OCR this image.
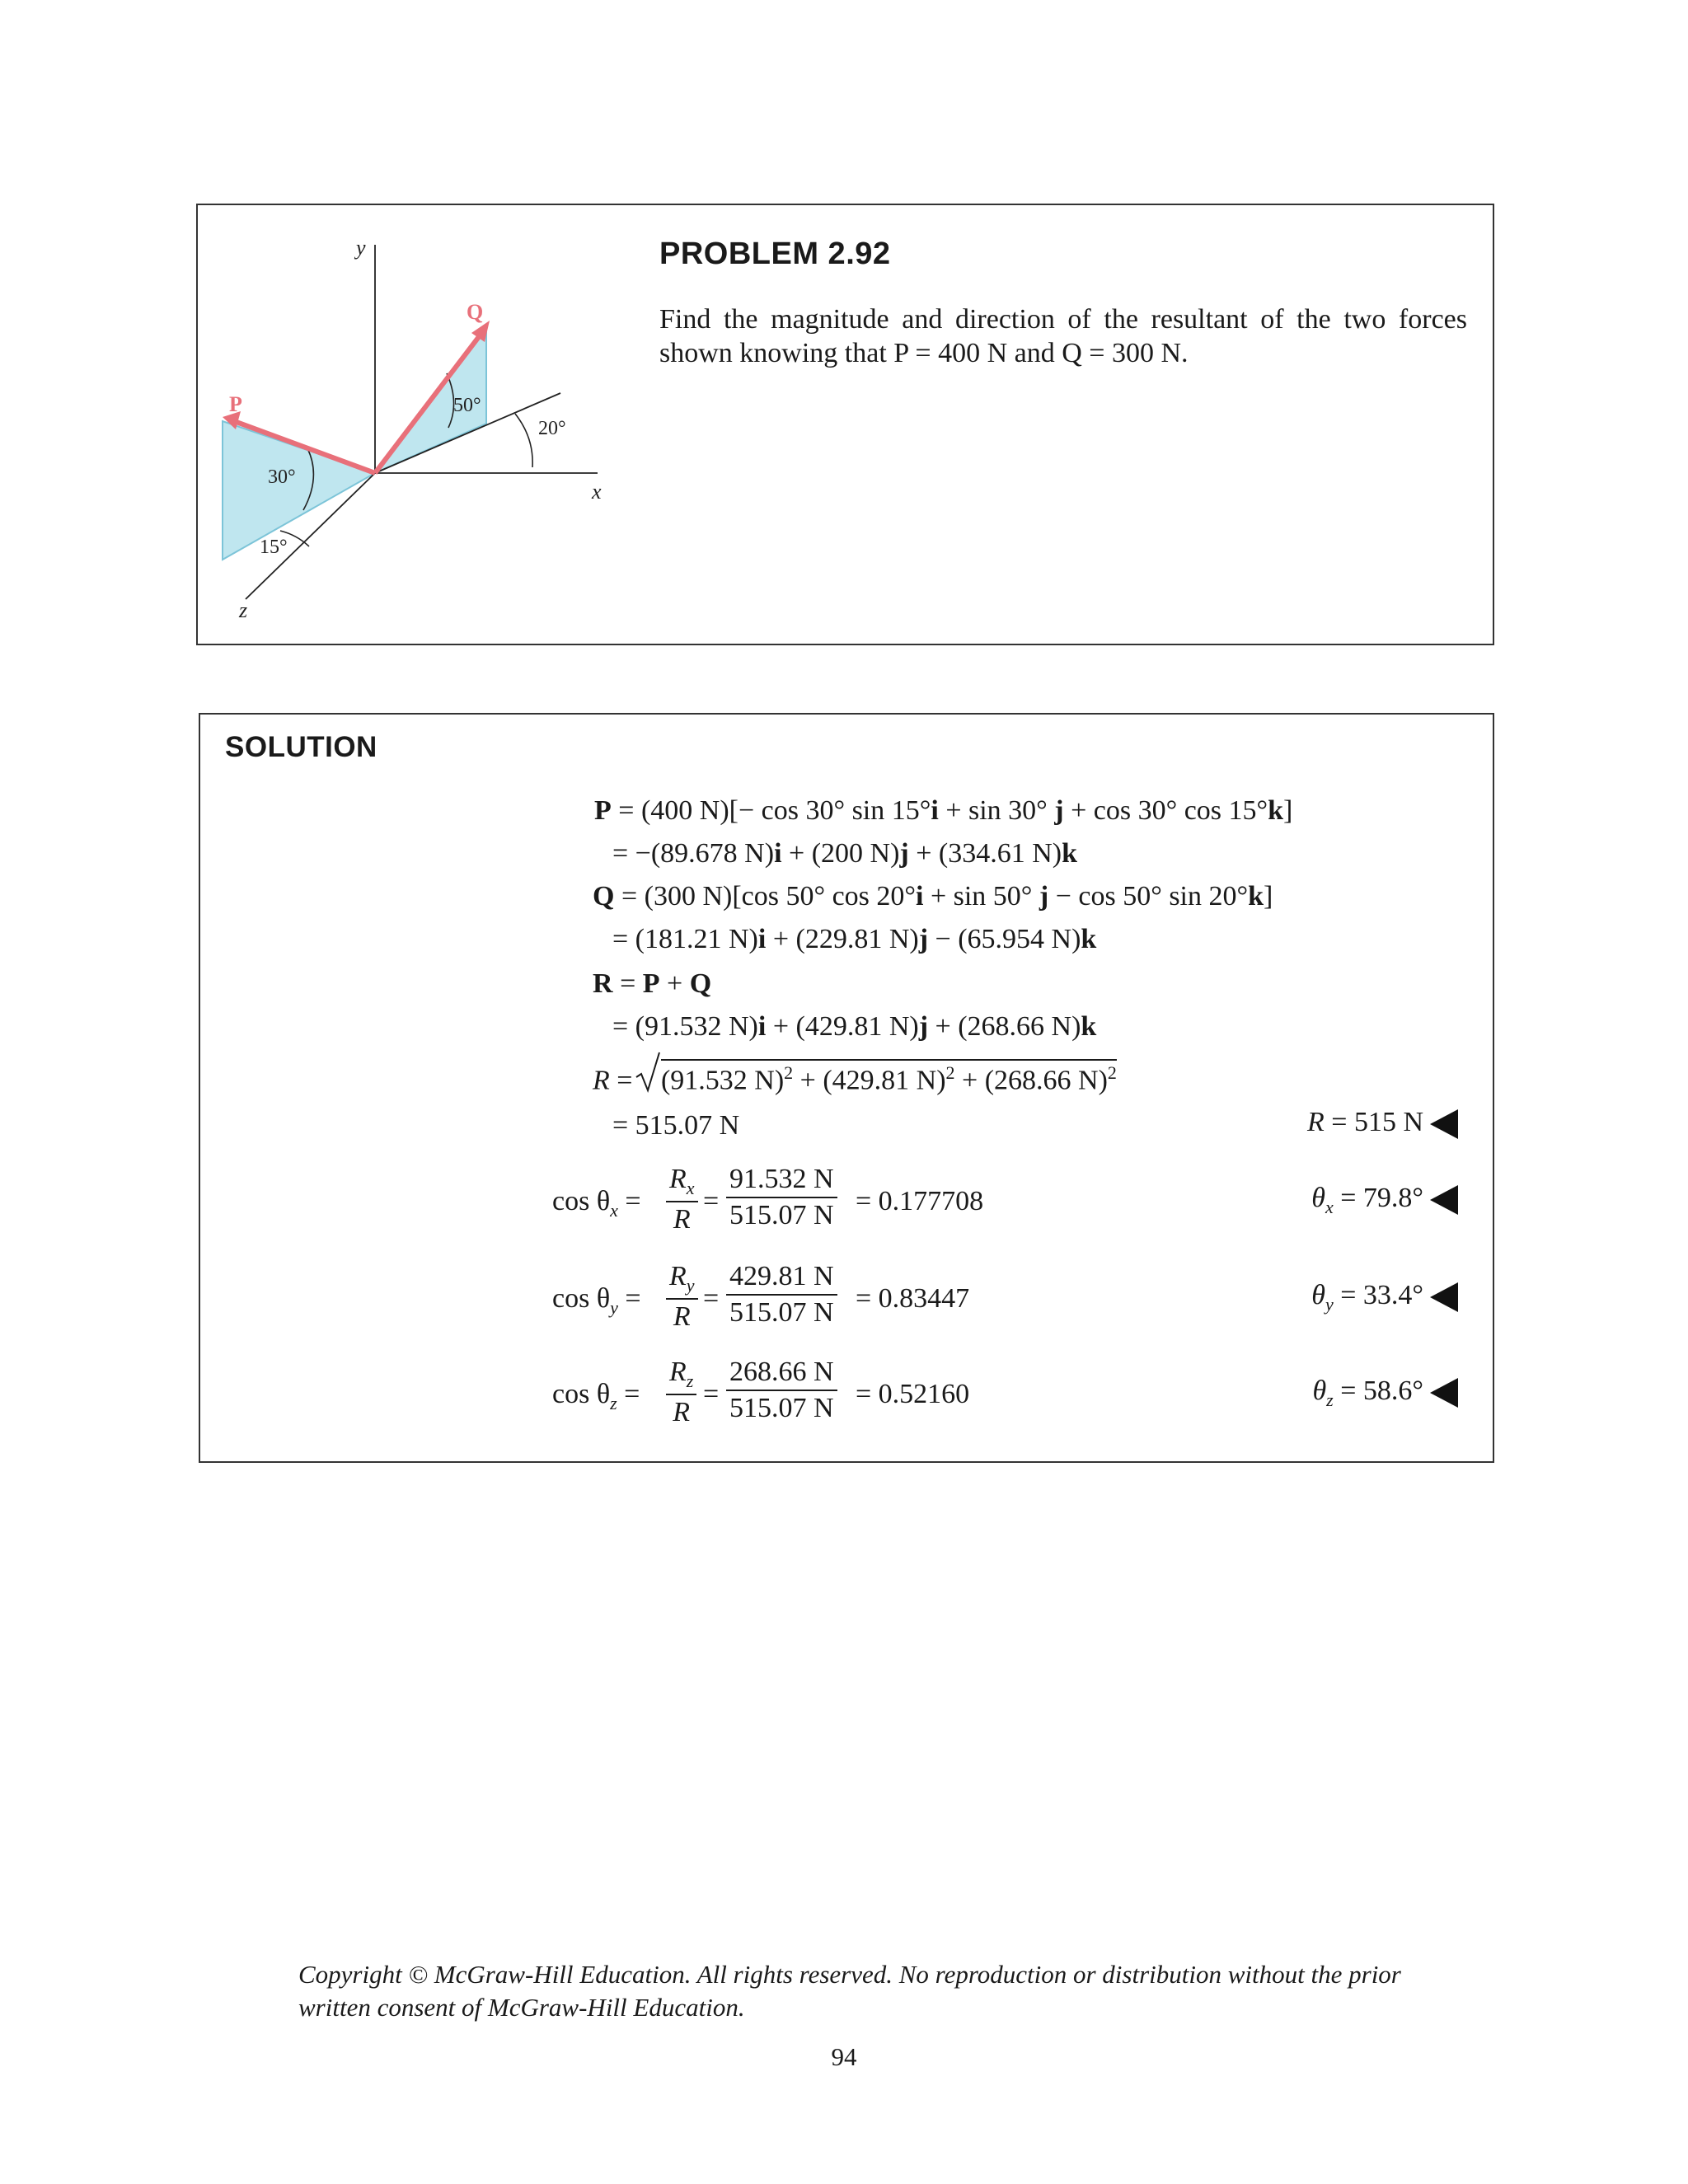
y
x
z
P
Q
50°
20°
30°
15°
PROBLEM 2.92
Find the magnitude and direction of the resultant of the two forces shown knowing that P = 400 N and Q = 300 N.
SOLUTION
P = (400 N)[− cos 30° sin 15°i + sin 30° j + cos 30° cos 15°k]
= −(89.678 N)i + (200 N)j + (334.61 N)k
Q = (300 N)[cos 50° cos 20°i + sin 50° j − cos 50° sin 20°k]
= (181.21 N)i + (229.81 N)j − (65.954 N)k
R = P + Q
= (91.532 N)i + (429.81 N)j + (268.66 N)k
R =
(91.532 N)$^2$ + (429.81 N)$^2$ + (268.66 N)$^2$
= 515.07 N	R = 515 N
$\cos \theta_x = \frac{R_x}{R} = \frac{91.532 N}{515.07 N} = 0.177708$	$\theta_x = 79.8^\circ$
$\cos \theta_y = \frac{R_y}{R} = \frac{429.81 N}{515.07 N} = 0.83447$	$\theta_y = 33.4^\circ$
$\cos \theta_z = \frac{R_z}{R} = \frac{268.66 N}{515.07 N} = 0.52160$	$\theta_z = 58.6^\circ$
Copyright © McGraw-Hill Education. All rights reserved. No reproduction or distribution without the prior written consent of McGraw-Hill Education.
94
